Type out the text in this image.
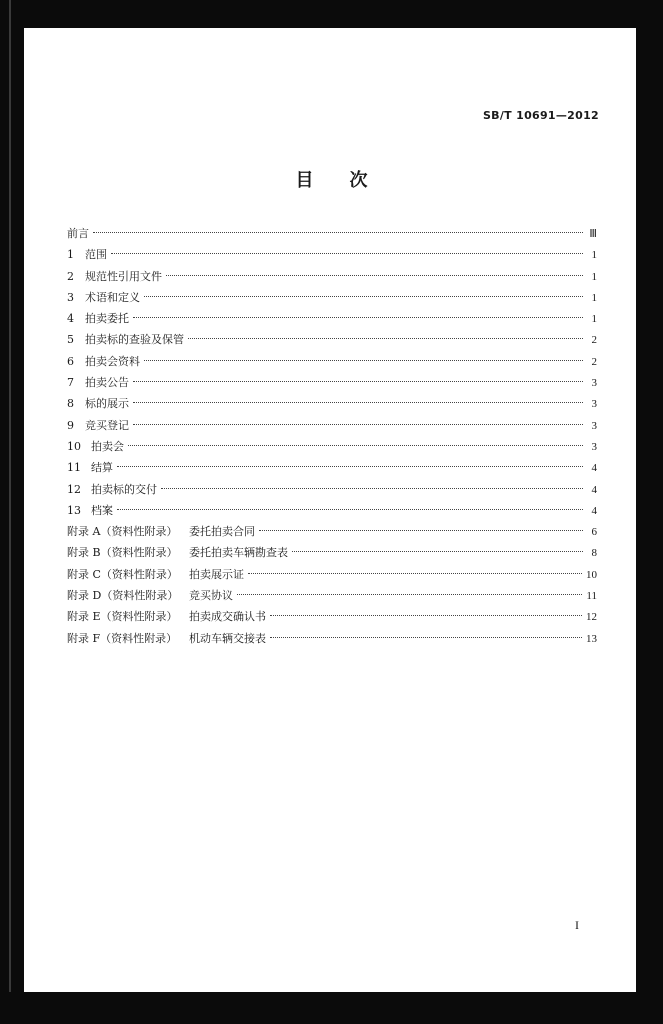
SB/T 10691—2012
目　　次
前言	Ⅲ
1 范围	1
2 规范性引用文件	1
3 术语和定义	1
4 拍卖委托	1
5 拍卖标的查验及保管	2
6 拍卖会资料	2
7 拍卖公告	3
8 标的展示	3
9 竞买登记	3
10 拍卖会	3
11 结算	4
12 拍卖标的交付	4
13 档案	4
附录 A（资料性附录） 委托拍卖合同	6
附录 B（资料性附录） 委托拍卖车辆勘查表	8
附录 C（资料性附录） 拍卖展示证	10
附录 D（资料性附录） 竞买协议	11
附录 E（资料性附录） 拍卖成交确认书	12
附录 F（资料性附录） 机动车辆交接表	13
I
